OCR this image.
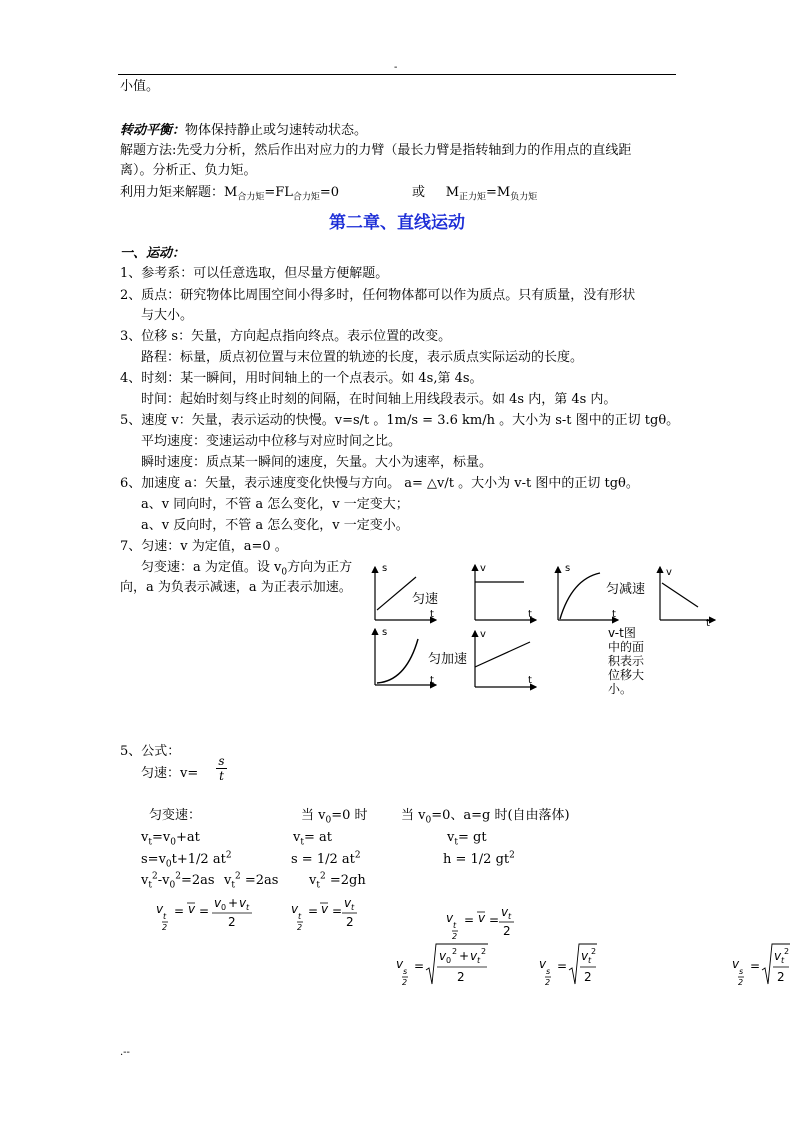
-
小值。
转动平衡：物体保持静止或匀速转动状态。
解题方法:先受力分析，然后作出对应力的力臂（最长力臂是指转轴到力的作用点的直线距
离）。分析正、负力矩。
利用力矩来解题：$M_{合力矩}=FL_{合力矩}=0$	或 $M_{正力矩}=M_{负力矩}$
第二章、直线运动
一、运动：
1、参考系：可以任意选取，但尽量方便解题。
2、质点：研究物体比周围空间小得多时，任何物体都可以作为质点。只有质量，没有形状
与大小。
3、位移 s：矢量，方向起点指向终点。表示位置的改变。
路程：标量，质点初位置与末位置的轨迹的长度，表示质点实际运动的长度。
4、时刻：某一瞬间，用时间轴上的一个点表示。如 4s,第 4s。
时间：起始时刻与终止时刻的间隔，在时间轴上用线段表示。如 4s 内，第 4s 内。
5、速度 v：矢量，表示运动的快慢。v=s/t 。1m/s = 3.6 km/h 。大小为 s-t 图中的正切 tgθ。
平均速度：变速运动中位移与对应时间之比。
瞬时速度：质点某一瞬间的速度，矢量。大小为速率，标量。
6、加速度 a：矢量，表示速度变化快慢与方向。 a= △v/t 。大小为 v-t 图中的正切 tgθ。
a、v 同向时，不管 a 怎么变化，v 一定变大；
a、v 反向时，不管 a 怎么变化，v 一定变小。
7、匀速：v 为定值，a=0 。
匀变速：a 为定值。设 $v_0$方向为正方
向，a 为负表示减速，a 为正表示加速。
s
t
匀速
v
t
s
t
匀减速
v
t
s
t
匀加速
v
t
v-t图
中的面
积表示
位移大
小。
5、公式：
匀速：$v= \frac{s}{t}$
匀变速：	当 $v_0=0$ 时	当 $v_0=0$、a=g 时(自由落体)
$v_t=v_0+at$	$v_t=$ at	$v_t=$ gt
$s=v_0t+1/2$ $at^2$	s = 1/2 $at^2$	h = 1/2 $gt^2$
$v_t^2-v_0^2=2as$ $v_t^2 =2as$ $v_t^2 =2gh$
v
t
2
= v =
v 0 + v t
2
v
t
2
= v =
v t
2	v
t
2
= v =
v t
2
v
s
2
=
v 0
2 + v t
2
2
v
s
2
=
v t
2
2
v
s
2
=
v t
2
2
.--
